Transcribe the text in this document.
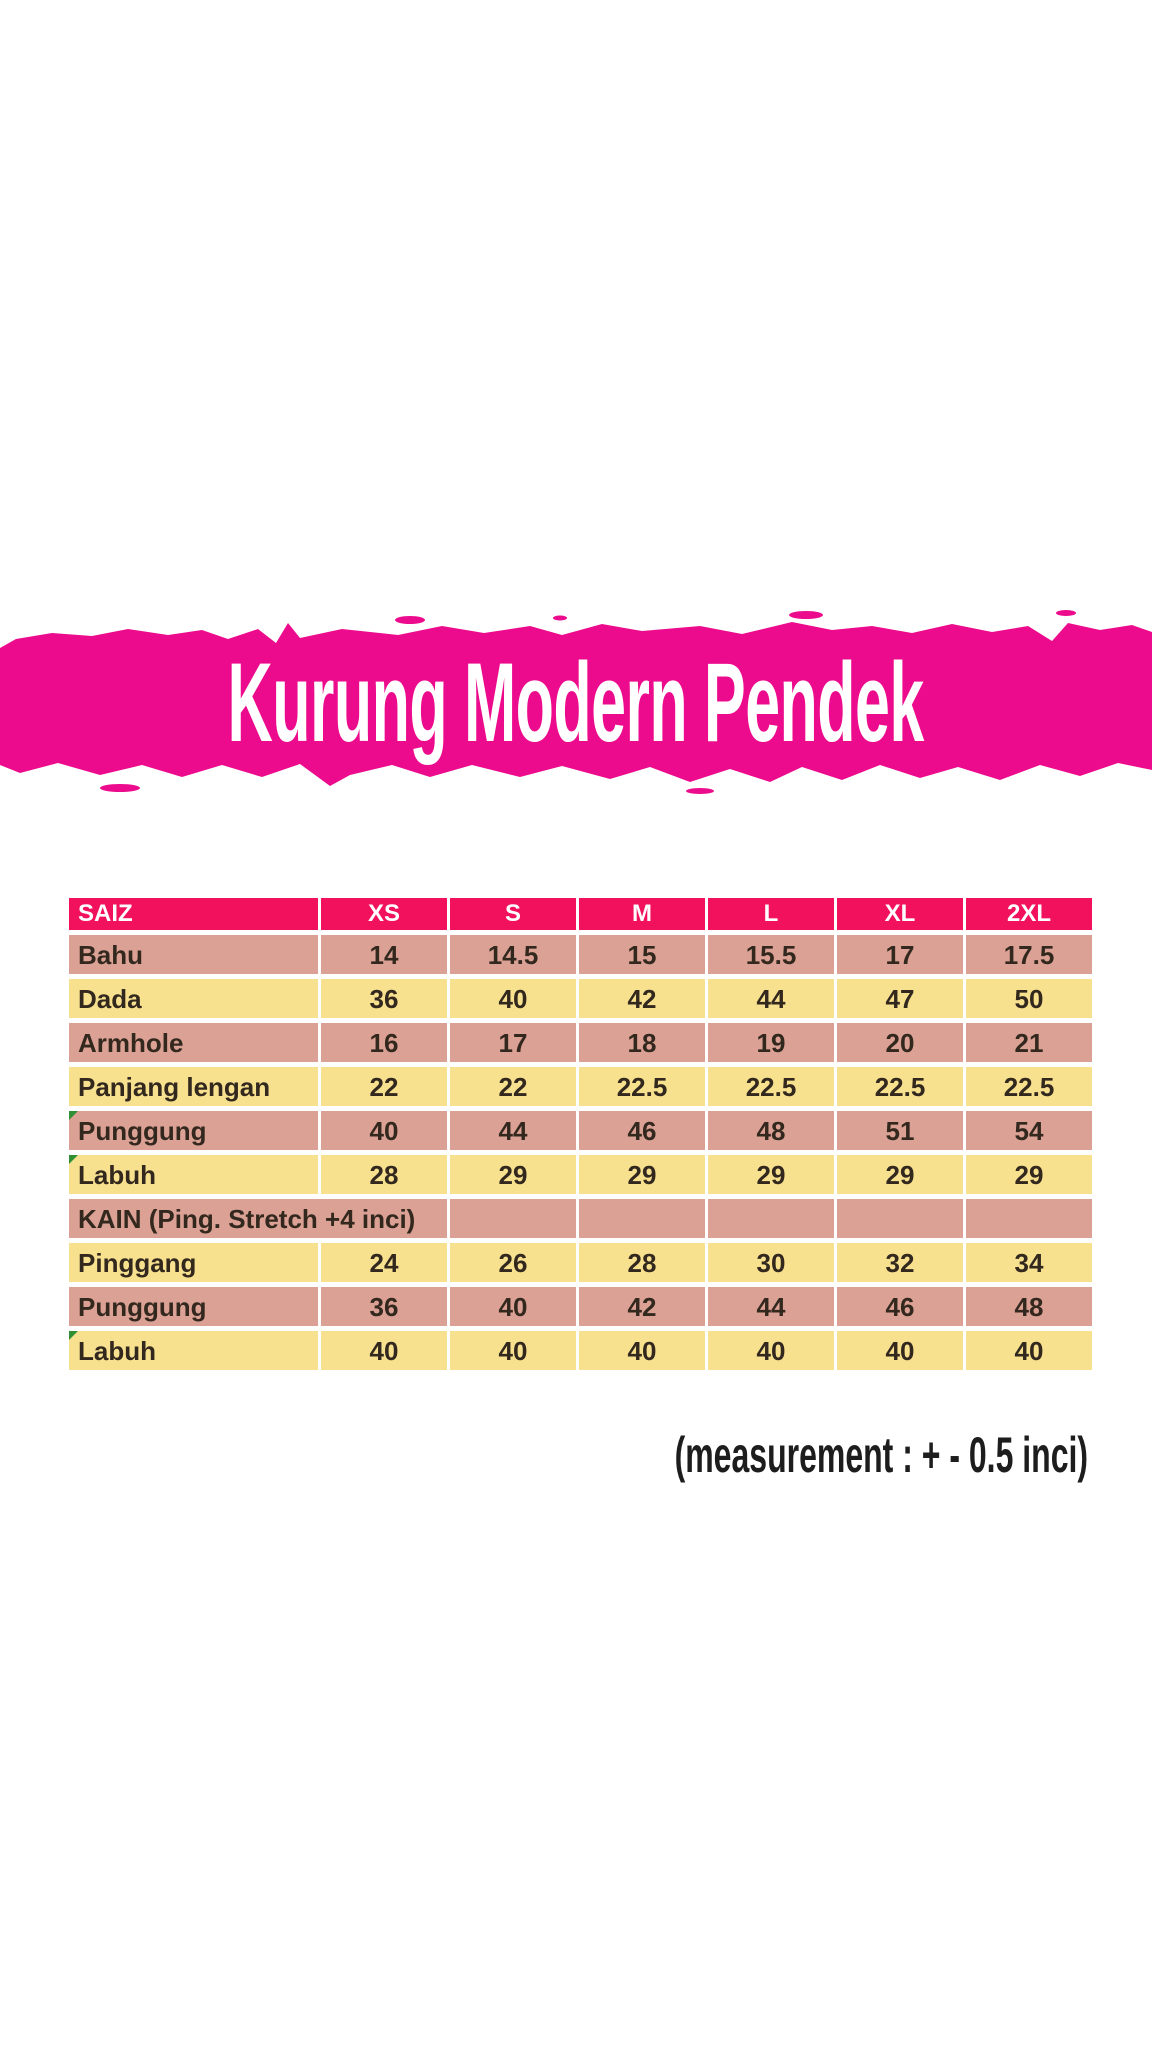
Kurung Modern Pendek
SAIZ	XS	S	M	L	XL	2XL
Bahu	14	14.5	15	15.5	17	17.5
Dada	36	40	42	44	47	50
Armhole	16	17	18	19	20	21
Panjang lengan	22	22	22.5	22.5	22.5	22.5

Punggung	40	44	46	48	51	54

Labuh	28	29	29	29	29	29
KAIN (Ping. Stretch +4 inci)						
Pinggang	24	26	28	30	32	34
Punggung	36	40	42	44	46	48

Labuh	40	40	40	40	40	40
(measurement : + - 0.5 inci)
